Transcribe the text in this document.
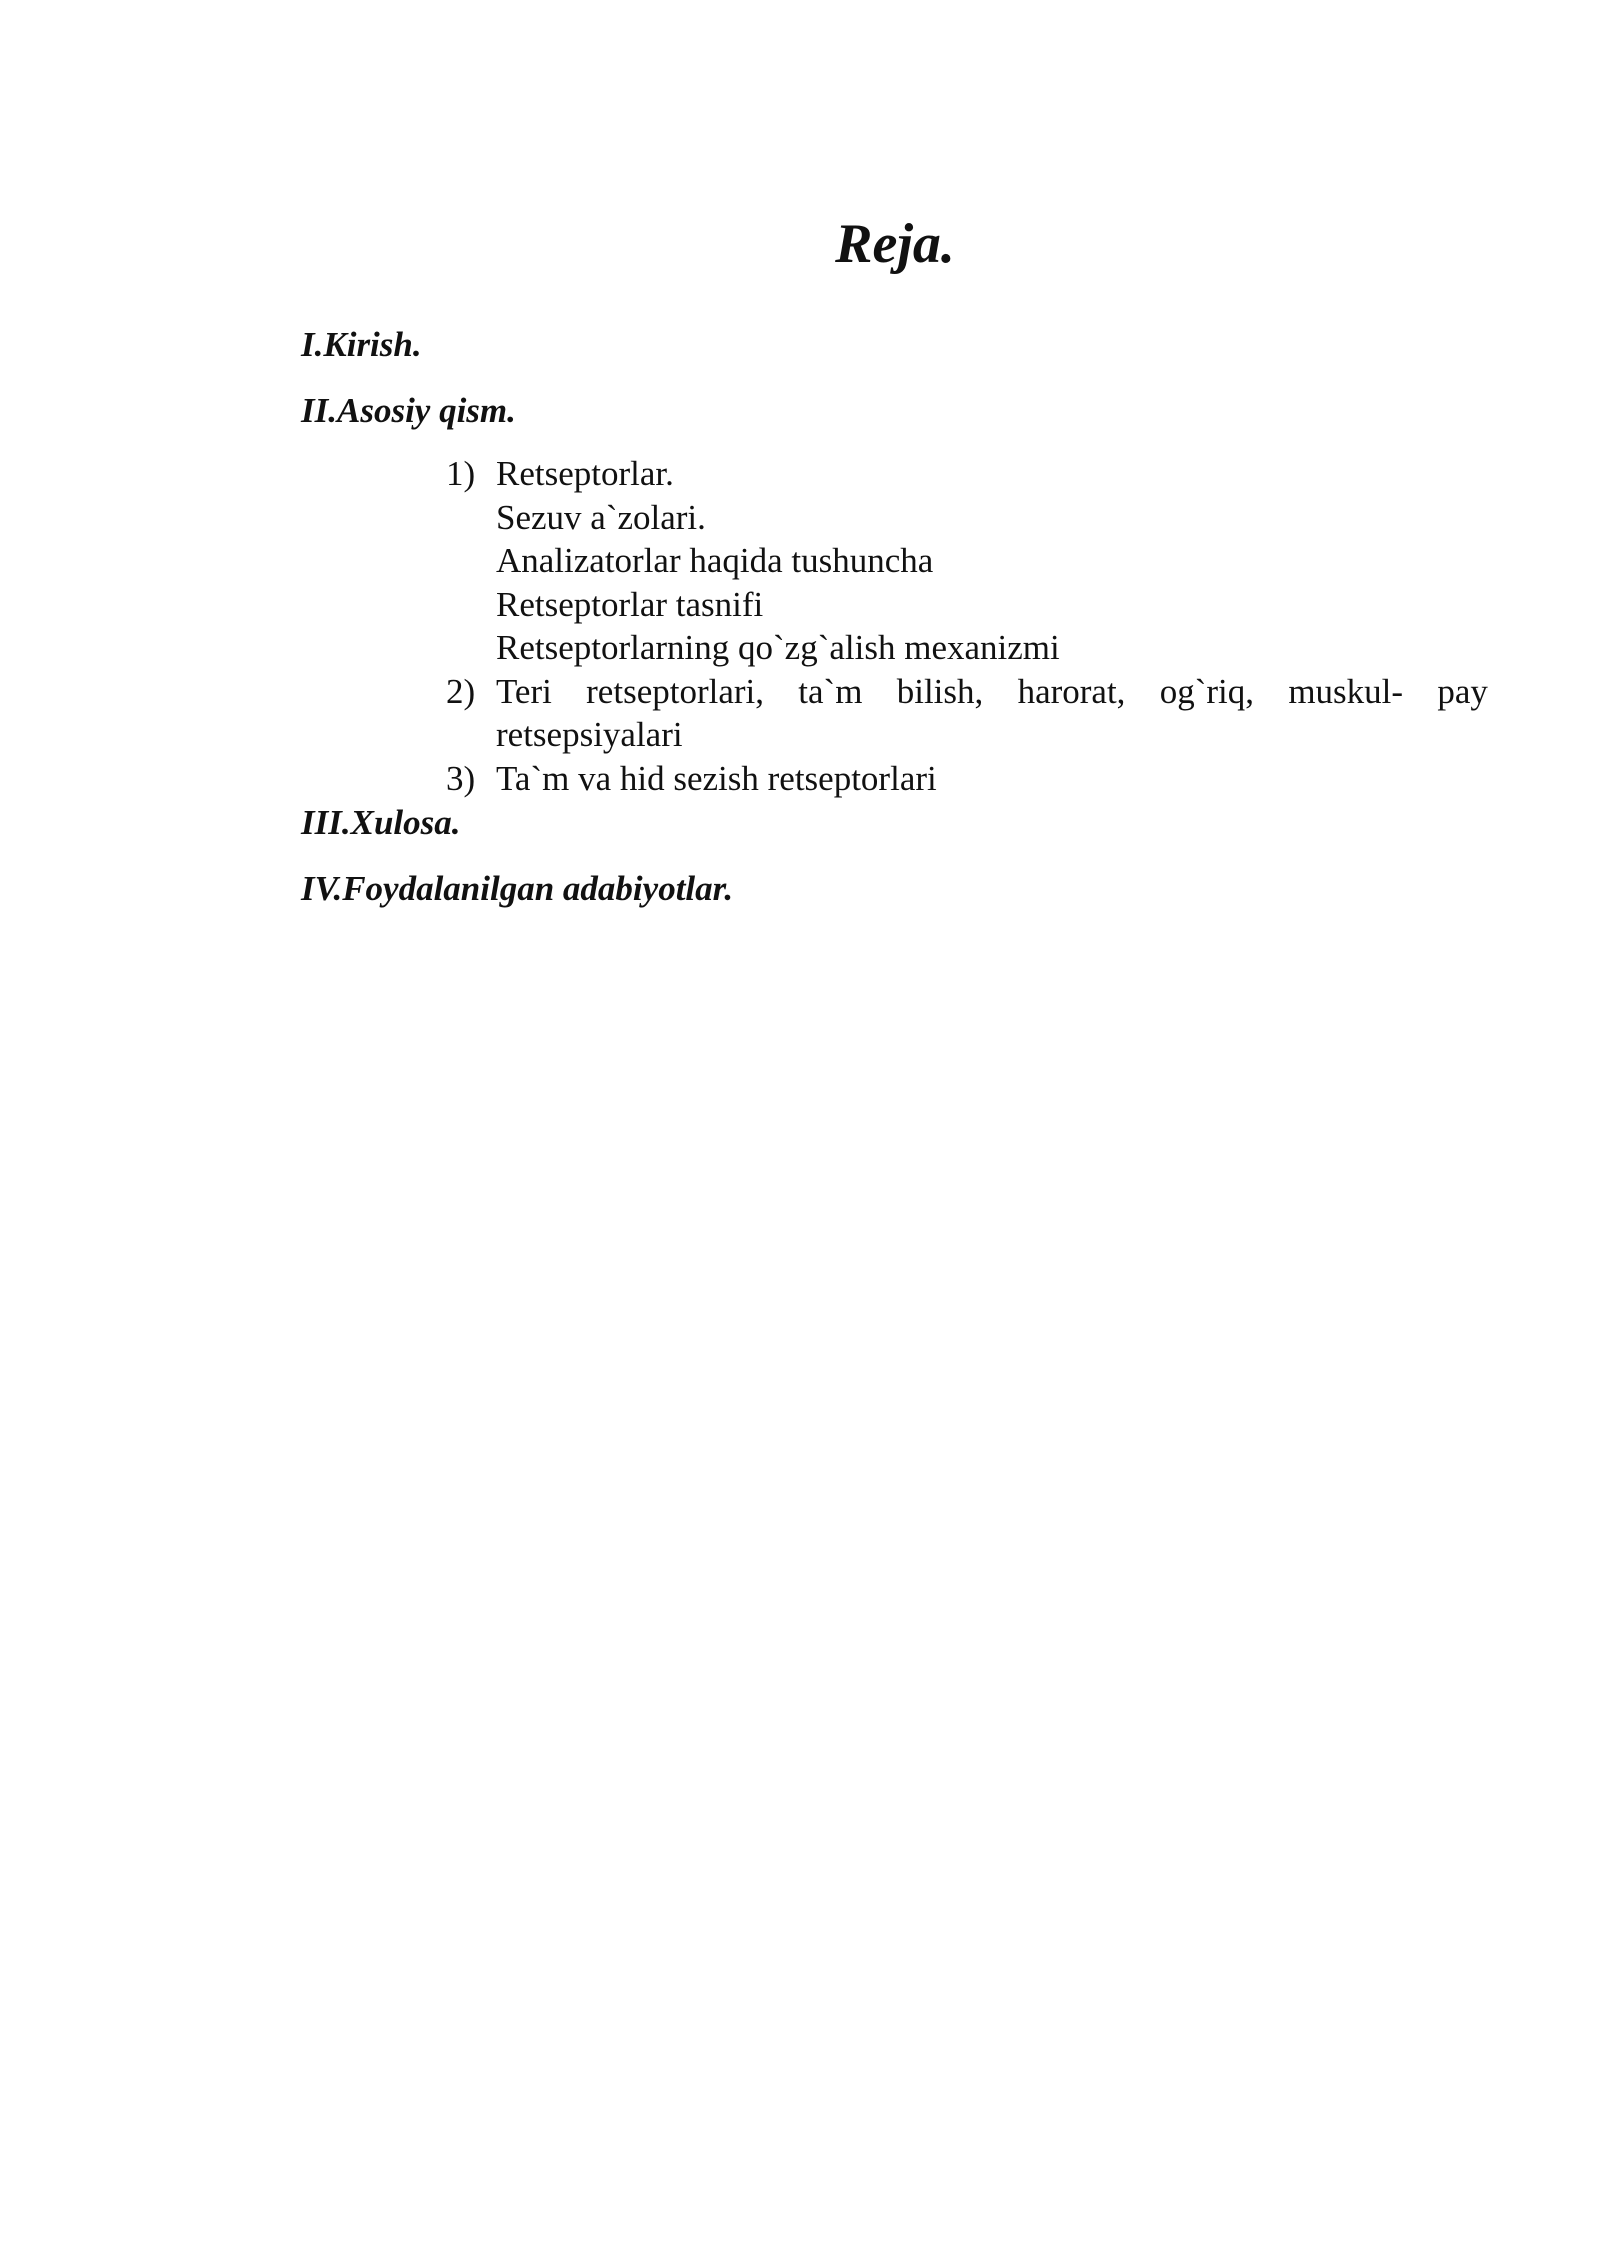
Reja.

I.Kirish.

II.Asosiy qism.

1) Retseptorlar.
Sezuv a`zolari.
Analizatorlar haqida tushuncha
Retseptorlar tasnifi
Retseptorlarning qo`zg`alish mexanizmi
2) Teri retseptorlari, ta`m bilish, harorat, og`riq, muskul- pay
retsepsiyalari
3) Ta`m va hid sezish retseptorlari

III.Xulosa.

IV.Foydalanilgan adabiyotlar.
